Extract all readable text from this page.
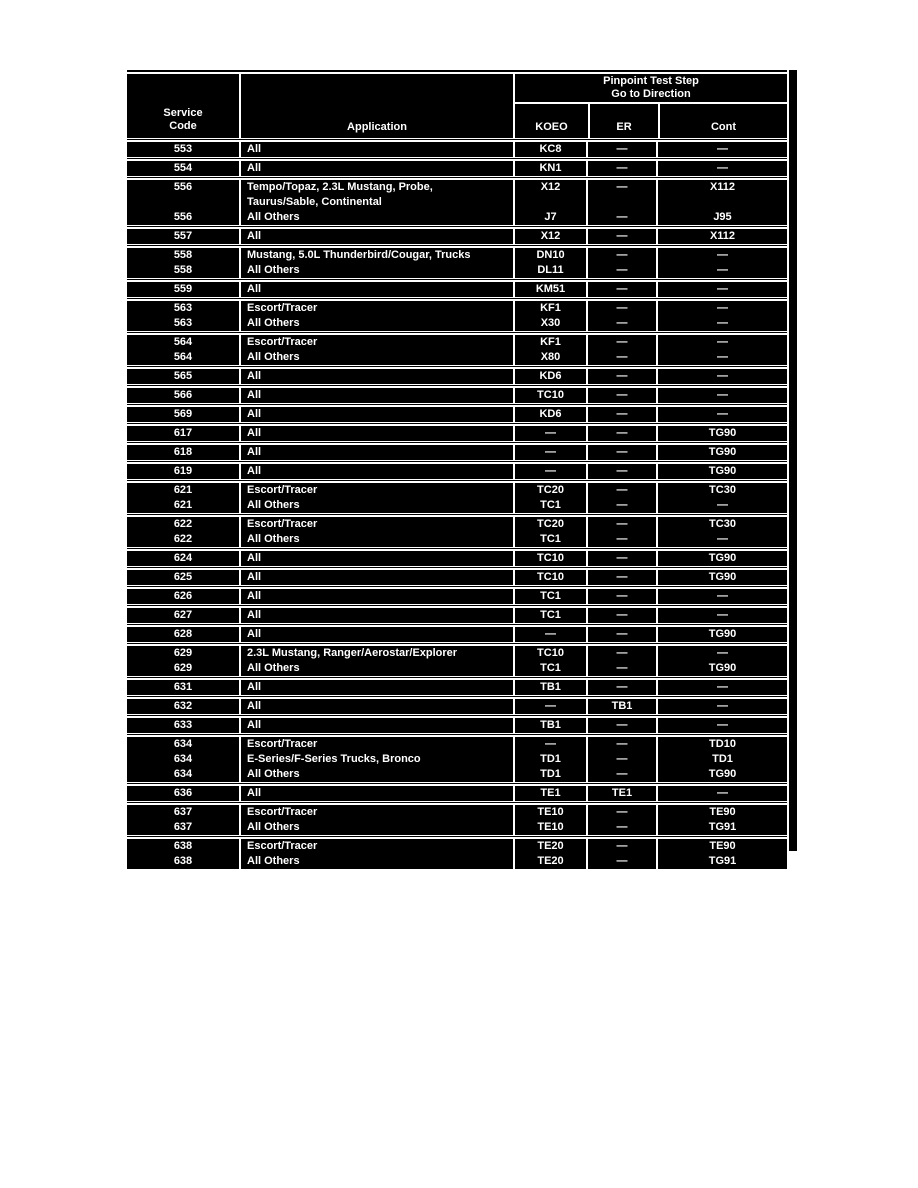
Service
Code	Application
Pinpoint Test Step
Go to Direction
KOEO	ER	Cont
553	All	KC8	—	—
554	All	KN1	—	—
556	Tempo/Topaz, 2.3L Mustang, Probe,	X12	—	X112
Taurus/Sable, Continental
556	All Others	J7	—	J95
557	All	X12	—	X112
558	Mustang, 5.0L Thunderbird/Cougar, Trucks	DN10	—	—
558	All Others	DL11	—	—
559	All	KM51	—	—
563	Escort/Tracer	KF1	—	—
563	All Others	X30	—	—
564	Escort/Tracer	KF1	—	—
564	All Others	X80	—	—
565	All	KD6	—	—
566	All	TC10	—	—
569	All	KD6	—	—
617	All	—	—	TG90
618	All	—	—	TG90
619	All	—	—	TG90
621	Escort/Tracer	TC20	—	TC30
621	All Others	TC1	—	—
622	Escort/Tracer	TC20	—	TC30
622	All Others	TC1	—	—
624	All	TC10	—	TG90
625	All	TC10	—	TG90
626	All	TC1	—	—
627	All	TC1	—	—
628	All	—	—	TG90
629	2.3L Mustang, Ranger/Aerostar/Explorer	TC10	—	—
629	All Others	TC1	—	TG90
631	All	TB1	—	—
632	All	—	TB1	—
633	All	TB1	—	—
634	Escort/Tracer	—	—	TD10
634	E-Series/F-Series Trucks, Bronco	TD1	—	TD1
634	All Others	TD1	—	TG90
636	All	TE1	TE1	—
637	Escort/Tracer	TE10	—	TE90
637	All Others	TE10	—	TG91
638	Escort/Tracer	TE20	—	TE90
638	All Others	TE20	—	TG91
